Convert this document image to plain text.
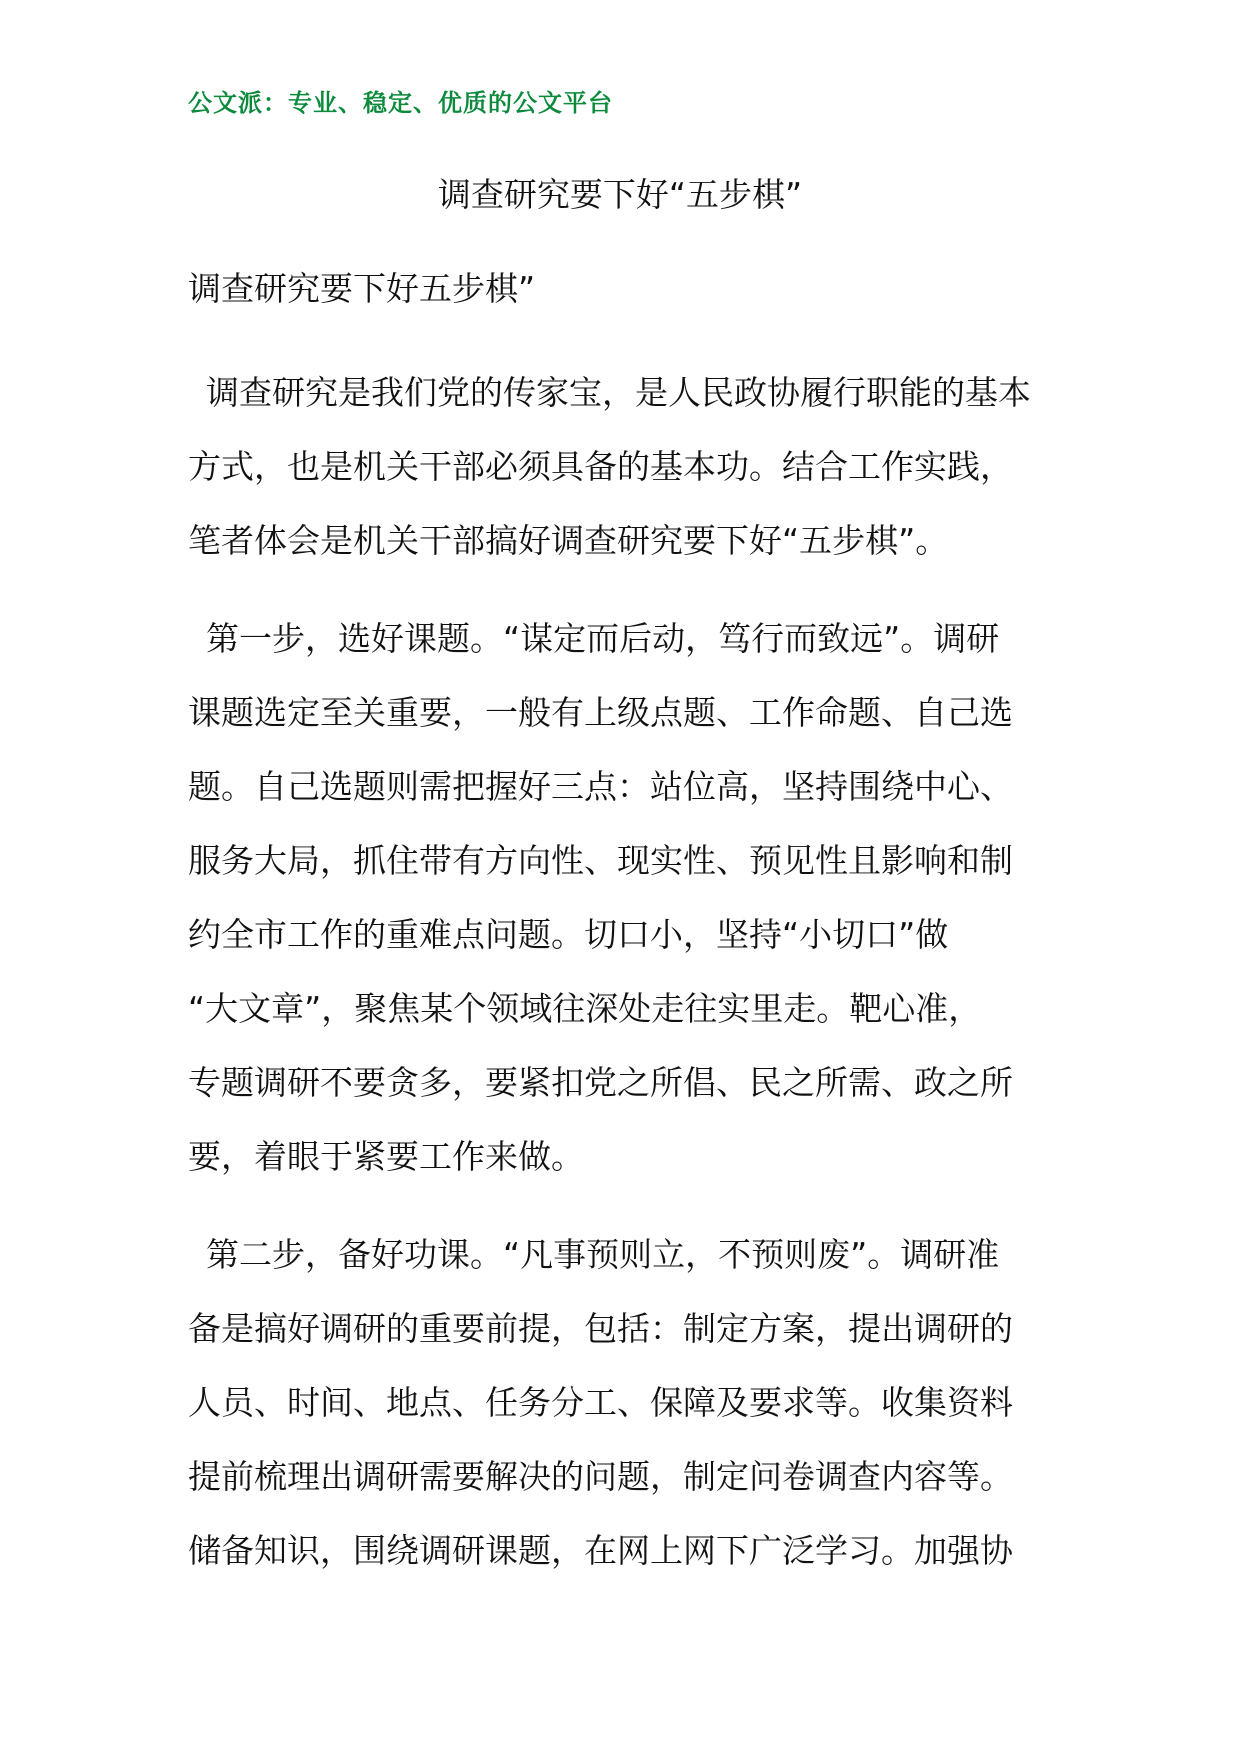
公文派：专业、稳定、优质的公文平台
调查研究要下好“五步棋”
调查研究要下好五步棋”
调查研究是我们党的传家宝，是人民政协履行职能的基本
方式，也是机关干部必须具备的基本功。结合工作实践，
笔者体会是机关干部搞好调查研究要下好“五步棋”。
第一步，选好课题。“谋定而后动，笃行而致远”。调研
课题选定至关重要，一般有上级点题、工作命题、自己选
题。自己选题则需把握好三点：站位高，坚持围绕中心、
服务大局，抓住带有方向性、现实性、预见性且影响和制
约全市工作的重难点问题。切口小，坚持“小切口”做
“大文章”，聚焦某个领域往深处走往实里走。靶心准，
专题调研不要贪多，要紧扣党之所倡、民之所需、政之所
要，着眼于紧要工作来做。
第二步，备好功课。“凡事预则立，不预则废”。调研准
备是搞好调研的重要前提，包括：制定方案，提出调研的
人员、时间、地点、任务分工、保障及要求等。收集资料
提前梳理出调研需要解决的问题，制定问卷调查内容等。
储备知识，围绕调研课题，在网上网下广泛学习。加强协
